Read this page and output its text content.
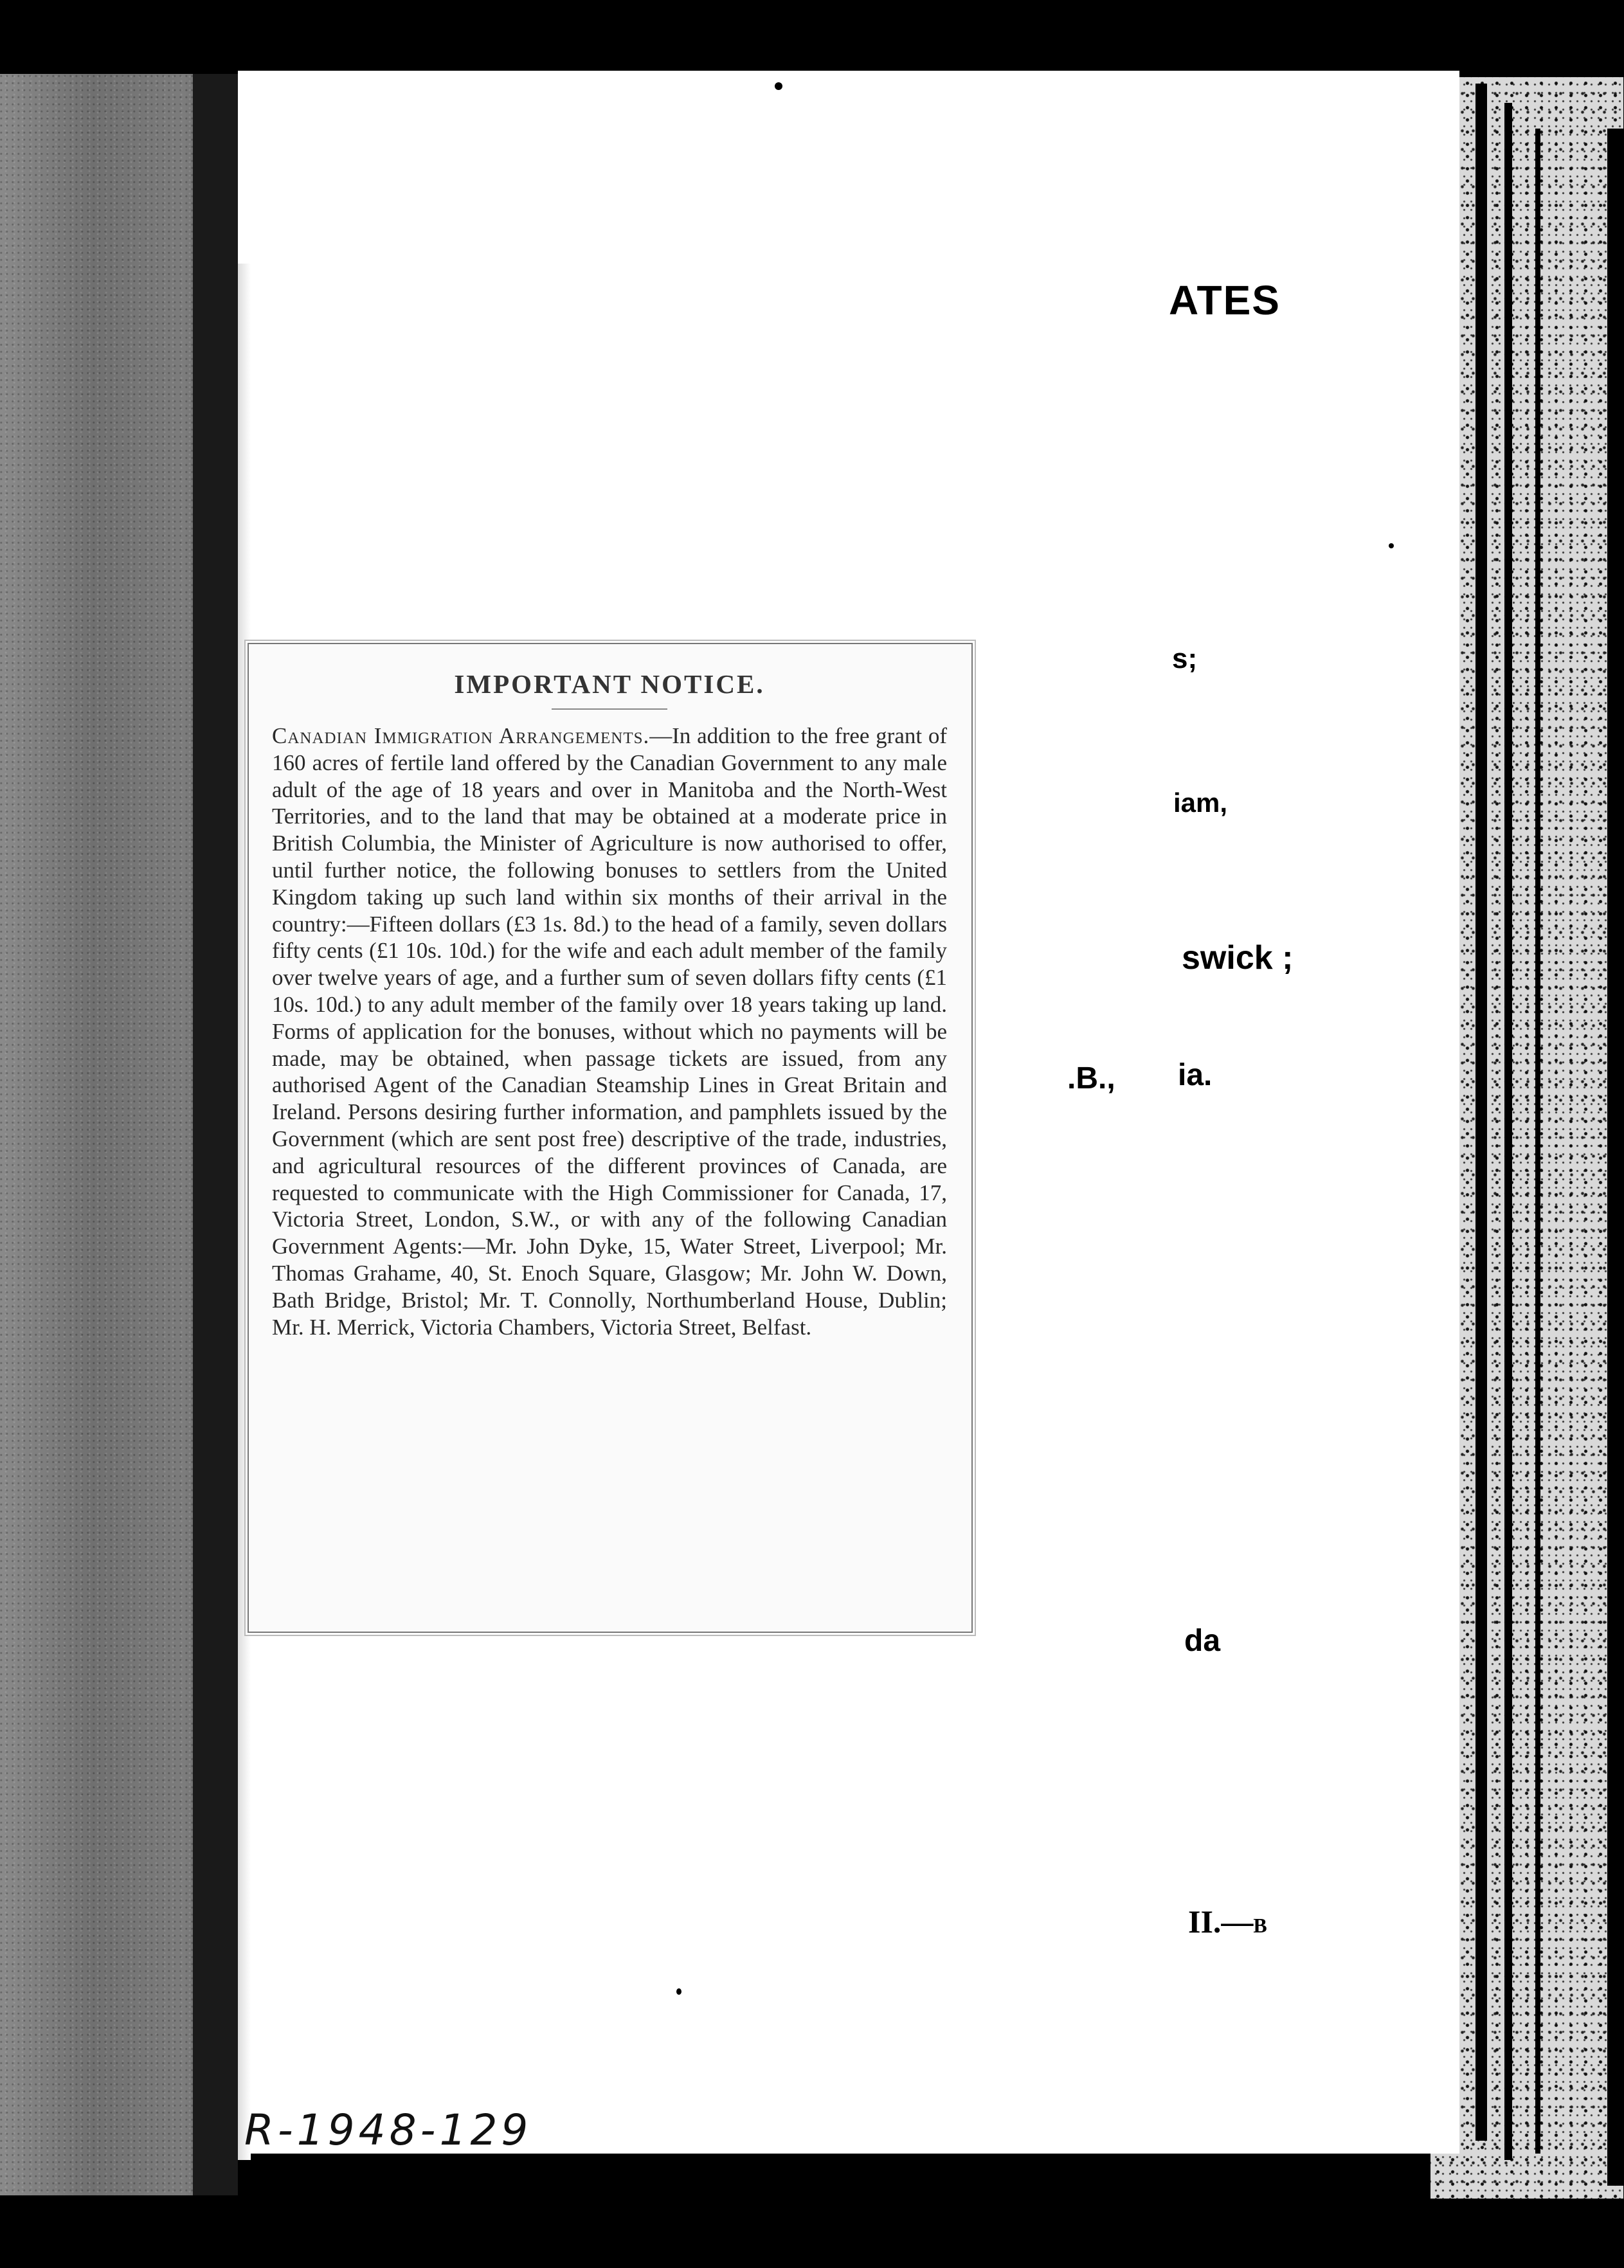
ATES
s;
iam,
swick ;
.B., ia.
da
II.—B
IMPORTANT NOTICE.

Canadian Immigration Arrangements.—In addition to the free grant of 160 acres of fertile land offered by the Canadian Government to any male adult of the age of 18 years and over in Manitoba and the North-West Territories, and to the land that may be obtained at a moderate price in British Columbia, the Minister of Agriculture is now authorised to offer, until further notice, the following bonuses to settlers from the United Kingdom taking up such land within six months of their arrival in the country:—Fifteen dollars (£3 1s. 8d.) to the head of a family, seven dollars fifty cents (£1 10s. 10d.) for the wife and each adult member of the family over twelve years of age, and a further sum of seven dollars fifty cents (£1 10s. 10d.) to any adult member of the family over 18 years taking up land. Forms of application for the bonuses, without which no payments will be made, may be obtained, when passage tickets are issued, from any authorised Agent of the Canadian Steamship Lines in Great Britain and Ireland. Persons desiring further information, and pamphlets issued by the Government (which are sent post free) descriptive of the trade, industries, and agricultural resources of the different provinces of Canada, are requested to communicate with the High Commissioner for Canada, 17, Victoria Street, London, S.W., or with any of the following Canadian Government Agents:—Mr. John Dyke, 15, Water Street, Liverpool; Mr. Thomas Grahame, 40, St. Enoch Square, Glasgow; Mr. John W. Down, Bath Bridge, Bristol; Mr. T. Connolly, Northumberland House, Dublin; Mr. H. Merrick, Victoria Chambers, Victoria Street, Belfast.

R-1948-129
